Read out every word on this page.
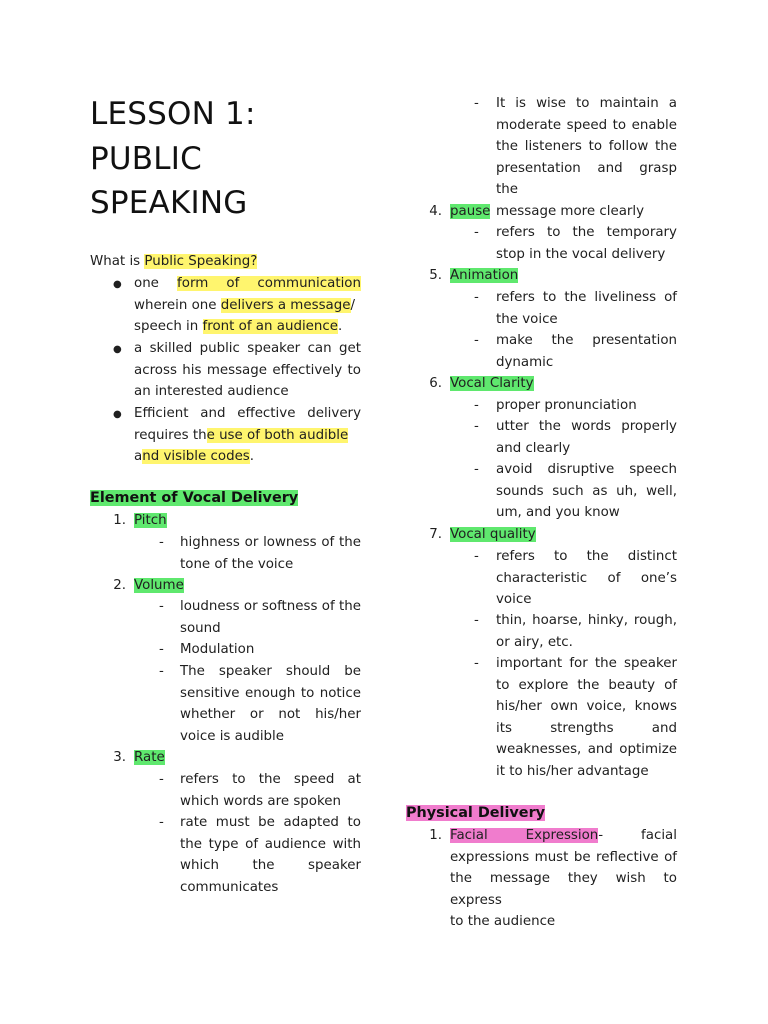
LESSON 1:
PUBLIC
SPEAKING
What is Public Speaking?
● one form of communication
wherein one delivers a message/
speech in front of an audience.
● a skilled public speaker can get
across his message effectively to
an interested audience
● Efficient and effective delivery
requires the use of both audible
and visible codes.
Element of Vocal Delivery
1. Pitch
- highness or lowness of the
tone of the voice
2. Volume
- loudness or softness of the
sound
- Modulation
- The speaker should be
sensitive enough to notice
whether or not his/her
voice is audible
3. Rate
- refers to the speed at
which words are spoken
- rate must be adapted to
the type of audience with
which the speaker
communicates
- It is wise to maintain a
moderate speed to enable
the listeners to follow the
presentation and grasp the
message more clearly
4. pause
- refers to the temporary
stop in the vocal delivery
5. Animation
- refers to the liveliness of
the voice
- make the presentation
dynamic
6. Vocal Clarity
- proper pronunciation
- utter the words properly
and clearly
- avoid disruptive speech
sounds such as uh, well,
um, and you know
7. Vocal quality
- refers to the distinct
characteristic of one’s
voice
- thin, hoarse, hinky, rough,
or airy, etc.
- important for the speaker
to explore the beauty of
his/her own voice, knows
its strengths and
weaknesses, and optimize
it to his/her advantage
Physical Delivery
1. Facial Expression- facial
expressions must be reflective of
the message they wish to express
to the audience
